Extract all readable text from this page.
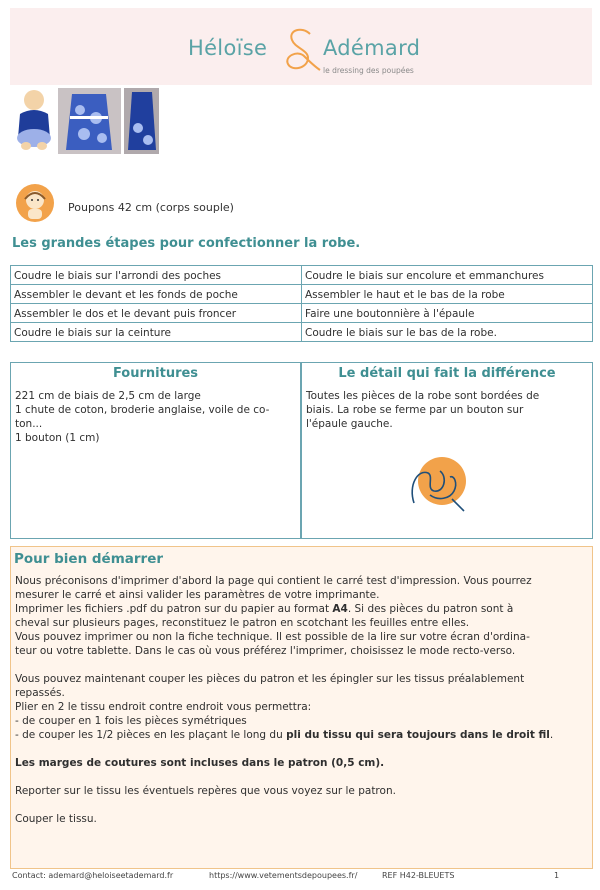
Héloïse	Adémard
le dressing des poupées
Poupons 42 cm (corps souple)
Les grandes étapes pour confectionner la robe.
Coudre le biais sur l'arrondi des poches	Coudre le biais sur encolure et emmanchures
Assembler le devant et les fonds de poche	Assembler le haut et le bas de la robe
Assembler le dos et le devant puis froncer	Faire une boutonnière à l'épaule
Coudre le biais sur la ceinture	Coudre le biais sur le bas de la robe.
Fournitures
221 cm de biais de 2,5 cm de large
1 chute de coton, broderie anglaise, voile de co-
ton...
1 bouton (1 cm)
Le détail qui fait la différence
Toutes les pièces de la robe sont bordées de
biais. La robe se ferme par un bouton sur
l'épaule gauche.
Pour bien démarrer
Nous préconisons d'imprimer d'abord la page qui contient le carré test d'impression. Vous pourrez
mesurer le carré et ainsi valider les paramètres de votre imprimante.
Imprimer les fichiers .pdf du patron sur du papier au format A4. Si des pièces du patron sont à
cheval sur plusieurs pages, reconstituez le patron en scotchant les feuilles entre elles.
Vous pouvez imprimer ou non la fiche technique. Il est possible de la lire sur votre écran d'ordina-
teur ou votre tablette. Dans le cas où vous préférez l'imprimer, choisissez le mode recto-verso.
Vous pouvez maintenant couper les pièces du patron et les épingler sur les tissus préalablement
repassés.
Plier en 2 le tissu endroit contre endroit vous permettra:
- de couper en 1 fois les pièces symétriques
- de couper les 1/2 pièces en les plaçant le long du pli du tissu qui sera toujours dans le droit fil.
Les marges de coutures sont incluses dans le patron (0,5 cm).
Reporter sur le tissu les éventuels repères que vous voyez sur le patron.
Couper le tissu.
Contact: ademard@heloiseetademard.fr	https://www.vetementsdepoupees.fr/	REF H42-BLEUETS	1
